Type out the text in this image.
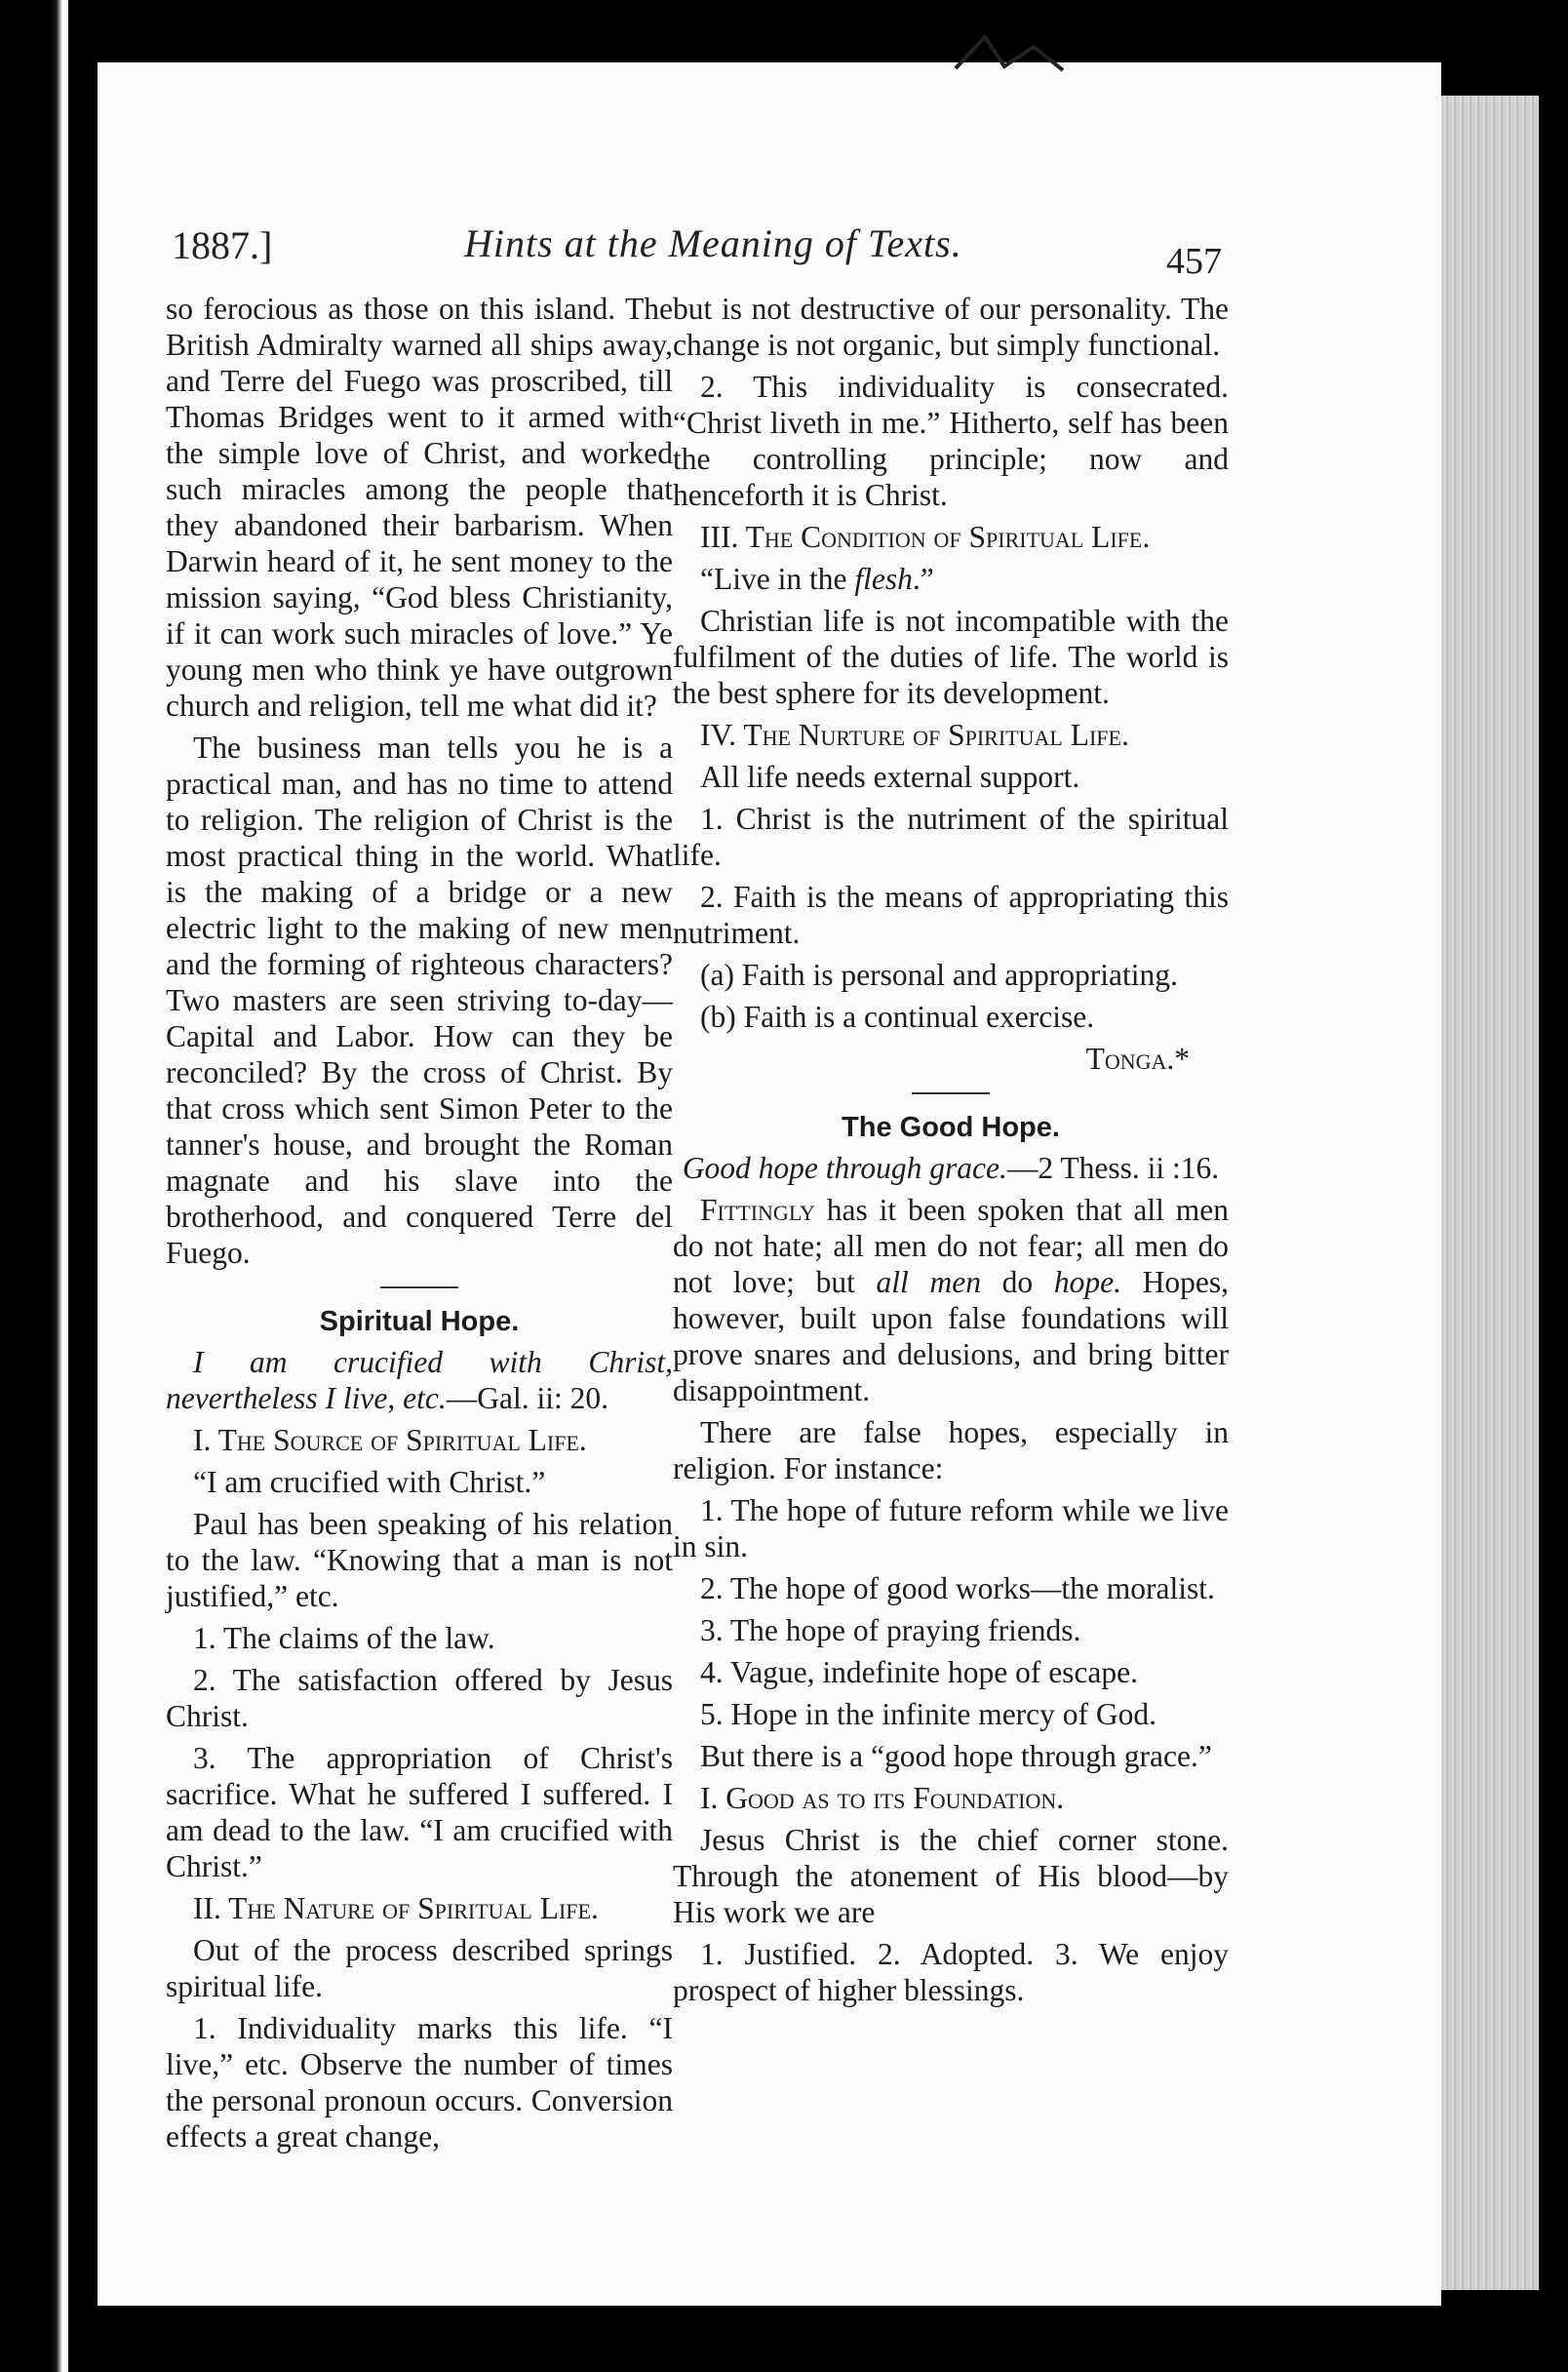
1887.]	Hints at the Meaning of Texts.	457

so ferocious as those on this island. The British Admiralty warned all ships away, and Terre del Fuego was proscribed, till Thomas Bridges went to it armed with the simple love of Christ, and worked such miracles among the people that they abandoned their barbarism. When Darwin heard of it, he sent money to the mission saying, “God bless Christianity, if it can work such miracles of love.” Ye young men who think ye have outgrown church and religion, tell me what did it?

The business man tells you he is a practical man, and has no time to attend to religion. The religion of Christ is the most practical thing in the world. What is the making of a bridge or a new electric light to the making of new men and the forming of righteous characters? Two masters are seen striving to-day—Capital and Labor. How can they be reconciled? By the cross of Christ. By that cross which sent Simon Peter to the tanner's house, and brought the Roman magnate and his slave into the brotherhood, and conquered Terre del Fuego.

Spiritual Hope.

I am crucified with Christ, nevertheless I live, etc.—Gal. ii: 20.

I. The Source of Spiritual Life.

“I am crucified with Christ.”

Paul has been speaking of his relation to the law. “Knowing that a man is not justified,” etc.

1. The claims of the law.

2. The satisfaction offered by Jesus Christ.

3. The appropriation of Christ's sacrifice. What he suffered I suffered. I am dead to the law. “I am crucified with Christ.”

II. The Nature of Spiritual Life.

Out of the process described springs spiritual life.

1. Individuality marks this life. “I live,” etc. Observe the number of times the personal pronoun occurs. Conversion effects a great change,

but is not destructive of our personality. The change is not organic, but simply functional.

2. This individuality is consecrated. “Christ liveth in me.” Hitherto, self has been the controlling principle; now and henceforth it is Christ.

III. The Condition of Spiritual Life.

“Live in the flesh.”

Christian life is not incompatible with the fulfilment of the duties of life. The world is the best sphere for its development.

IV. The Nurture of Spiritual Life.

All life needs external support.

1. Christ is the nutriment of the spiritual life.

2. Faith is the means of appropriating this nutriment.

(a) Faith is personal and appropriating.

(b) Faith is a continual exercise.

Tonga.*

The Good Hope.

Good hope through grace.—2 Thess. ii :16.

Fittingly has it been spoken that all men do not hate; all men do not fear; all men do not love; but all men do hope. Hopes, however, built upon false foundations will prove snares and delusions, and bring bitter disappointment.

There are false hopes, especially in religion. For instance:

1. The hope of future reform while we live in sin.

2. The hope of good works—the moralist.

3. The hope of praying friends.

4. Vague, indefinite hope of escape.

5. Hope in the infinite mercy of God.

But there is a “good hope through grace.”

I. Good as to its Foundation.

Jesus Christ is the chief corner stone. Through the atonement of His blood—by His work we are

1. Justified. 2. Adopted. 3. We enjoy prospect of higher blessings.
